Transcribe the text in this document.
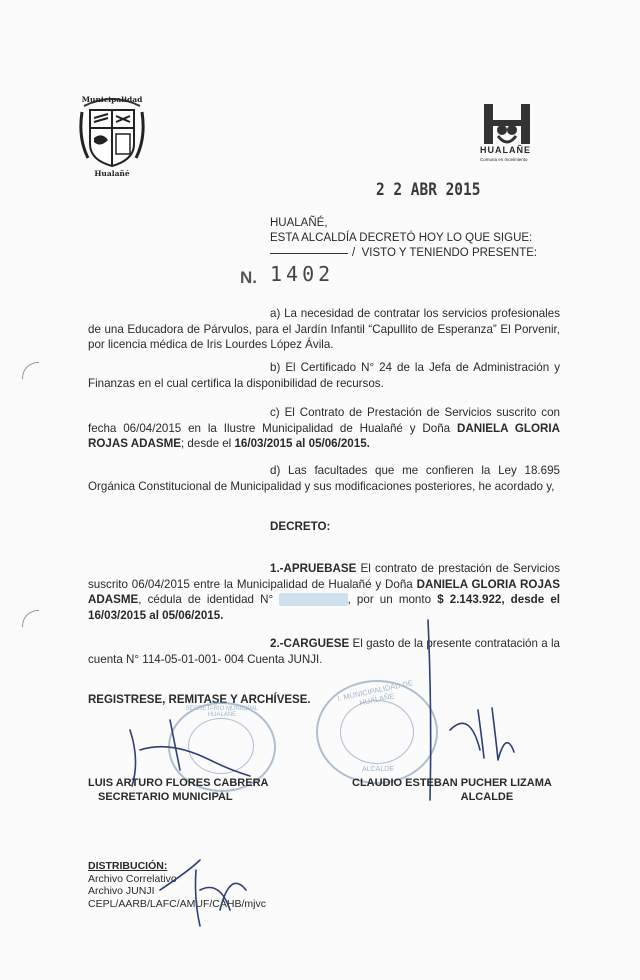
Municipalidad
Hualañé
HUALAÑE
Comuna en movimiento
2 2 ABR 2015
HUALAÑÉ,
ESTA ALCALDÍA DECRETÓ HOY LO QUE SIGUE:
/  VISTO Y TENIENDO PRESENTE:
N. 1402
a) La necesidad de contratar los servicios profesionales de una Educadora de Párvulos, para el Jardín Infantil “Capullito de Esperanza” El Porvenir, por licencia médica de Iris Lourdes López Ávila.
b) El Certificado N° 24 de la Jefa de Administración y Finanzas en el cual certifica la disponibilidad de recursos.
c) El Contrato de Prestación de Servicios suscrito con fecha 06/04/2015 en la Ilustre Municipalidad de Hualañé y Doña DANIELA GLORIA ROJAS ADASME; desde el 16/03/2015 al 05/06/2015.
d) Las facultades que me confieren la Ley 18.695 Orgánica Constitucional de Municipalidad y sus modificaciones posteriores, he acordado y,
DECRETO:
1.-APRUEBASE El contrato de prestación de Servicios suscrito 06/04/2015 entre la Municipalidad de Hualañé y Doña DANIELA GLORIA ROJAS ADASME, cédula de identidad N°	, por un monto $ 2.143.922, desde el 16/03/2015 al 05/06/2015.
2.-CARGUESE El gasto de la presente contratación a la cuenta N° 114-05-01-001- 004 Cuenta JUNJI.
REGISTRESE, REMITASE Y ARCHÍVESE.
SECRETARIO MUNICIPAL HUALAÑE
I. MUNICIPALIDAD DE HUALAÑE
ALCALDE
LUIS ARTURO FLORES CABRERA
SECRETARIO MUNICIPAL
CLAUDIO ESTEBAN PUCHER LIZAMA
ALCALDE
DISTRIBUCIÓN:
Archivo Correlativo
Archivo JUNJI
CEPL/AARB/LAFC/AMUF/CAHB/mjvc
